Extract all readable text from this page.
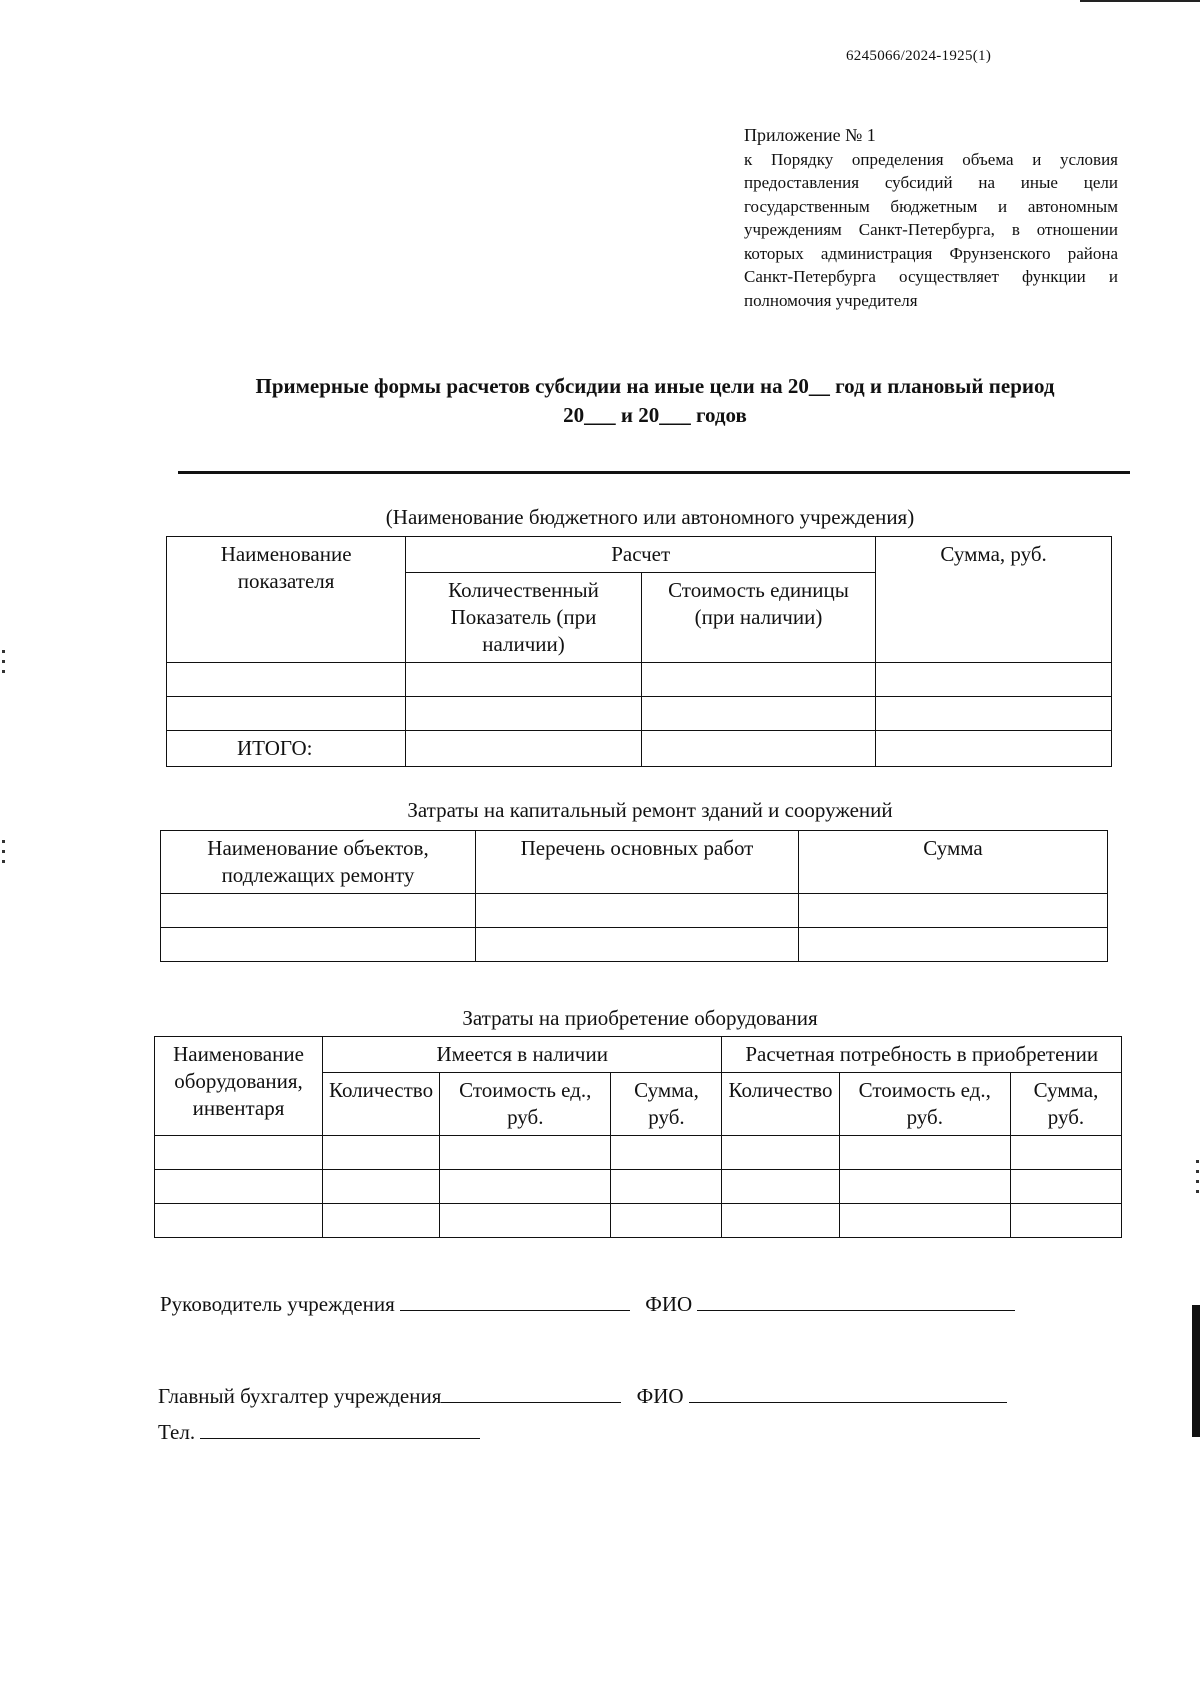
6245066/2024-1925(1)
Приложение № 1
к Порядку определения объема и условия предоставления субсидий на иные цели государственным бюджетным и автономным учреждениям Санкт-Петербурга, в отношении которых администрация Фрунзенского района Санкт-Петербурга осуществляет функции и полномочия учредителя
Примерные формы расчетов субсидии на иные цели на 20__ год и плановый период
20___ и 20___ годов
(Наименование бюджетного или автономного учреждения)
Наименование показателя	Расчет		Сумма, руб.
	Количественный Показатель (при наличии)	Стоимость единицы (при наличии)	

ИТОГО:			
Затраты на капитальный ремонт зданий и сооружений
Наименование объектов, подлежащих ремонту	Перечень основных работ	Сумма

Затраты на приобретение оборудования
Наименование оборудования, инвентаря	Имеется в наличии			Расчетная потребность в приобретении		
	Количество	Стоимость ед., руб.	Сумма, руб.	Количество	Стоимость ед., руб.	Сумма, руб.

Руководитель учреждения	ФИО
Главный бухгалтер учреждения	ФИО
Тел.
